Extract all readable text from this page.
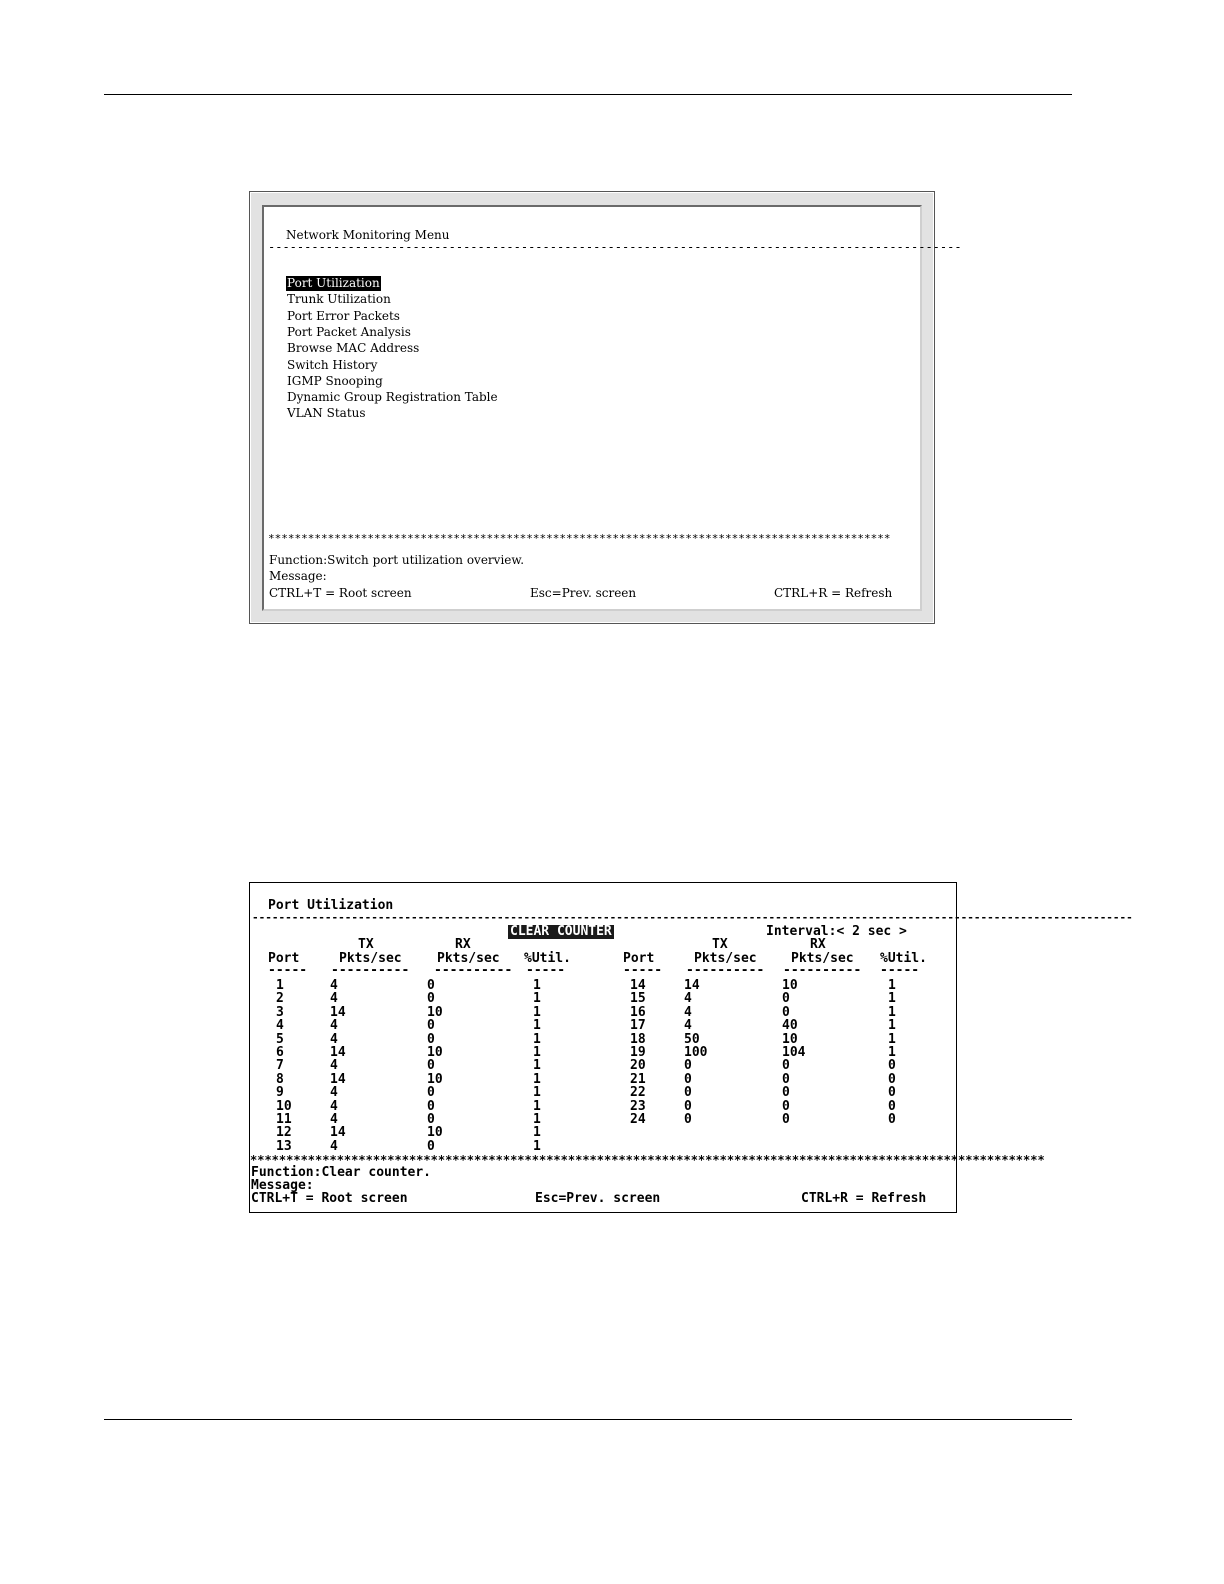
Network Monitoring Menu
------------------------------------------------------------------------------------------------
Port Utilization
Trunk Utilization
Port Error Packets
Port Packet Analysis
Browse MAC Address
Switch History
IGMP Snooping
Dynamic Group Registration Table
VLAN Status
**********************************************************************************************
Function:Switch port utilization overview.
Message:
CTRL+T = Root screen	Esc=Prev. screen	CTRL+R = Refresh
Port Utilization
-------------------------------------------------------------------------------------------------------------------------------------
CLEAR COUNTER	Interval:< 2 sec >
TX	RX
Port	Pkts/sec	Pkts/sec %Util.
----- ---------- ---------- -----
TX	RX
Port	Pkts/sec	Pkts/sec %Util.
----- ---------- ---------- -----
1	4	0	1
2	4	0	1
3	14	10	1
4	4	0	1
5	4	0	1
6	14	10	1
7	4	0	1
8	14	10	1
9	4	0	1
10	4	0	1
11	4	0	1
12	14	10	1
13	4	0	1
14	14	10	1
15	4	0	1
16	4	0	1
17	4	40	1
18	50	10	1
19	100	104	1
20	0	0	0
21	0	0	0
22	0	0	0
23	0	0	0
24	0	0	0
**************************************************************************************************************
Function:Clear counter.
Message:
CTRL+T = Root screen	Esc=Prev. screen	CTRL+R = Refresh
